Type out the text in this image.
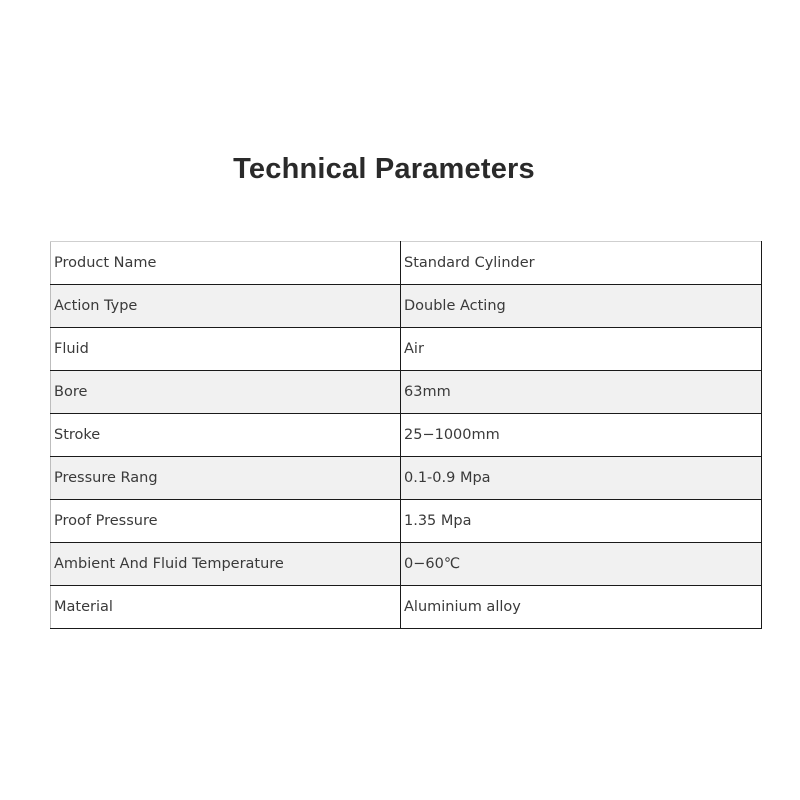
Technical Parameters
Product Name	Standard Cylinder
Action Type	Double Acting
Fluid	Air
Bore	63mm
Stroke	25−1000mm
Pressure Rang	0.1-0.9 Mpa
Proof Pressure	1.35 Mpa
Ambient And Fluid Temperature	0−60℃
Material	Aluminium alloy
